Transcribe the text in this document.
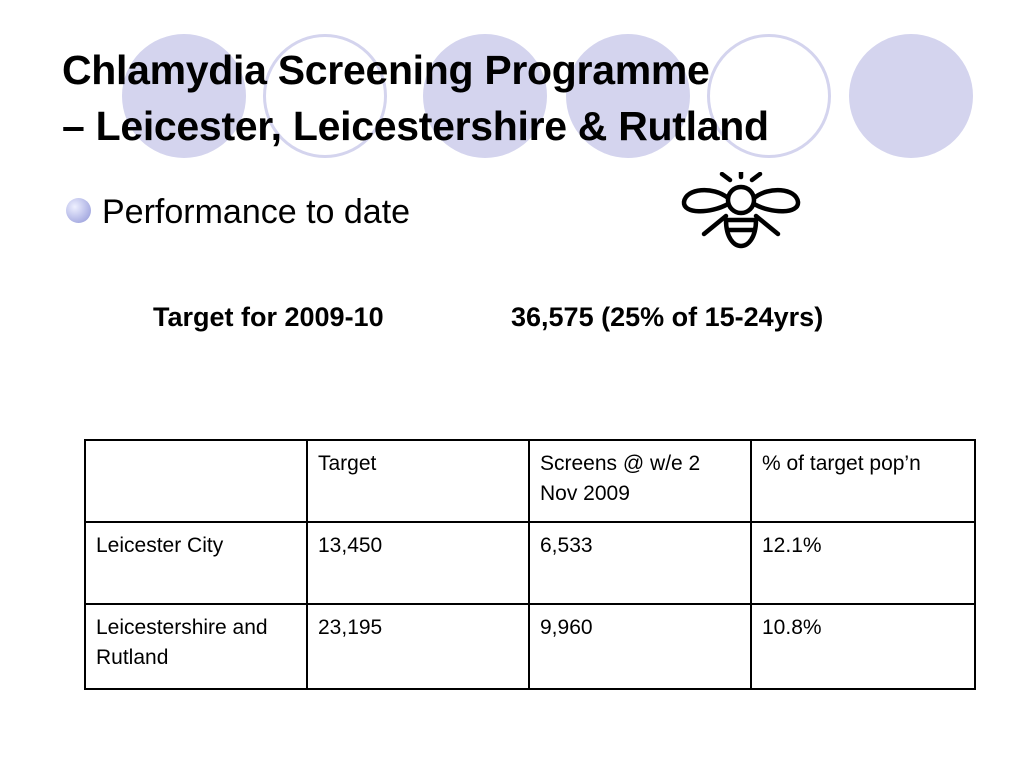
Chlamydia Screening Programme
– Leicester, Leicestershire & Rutland
Performance to date
Target for 2009-10	36,575 (25% of 15-24yrs)
	Target	Screens @ w/e 2 Nov 2009	% of target pop’n
Leicester City	13,450	6,533	12.1%
Leicestershire and Rutland	23,195	9,960	10.8%
